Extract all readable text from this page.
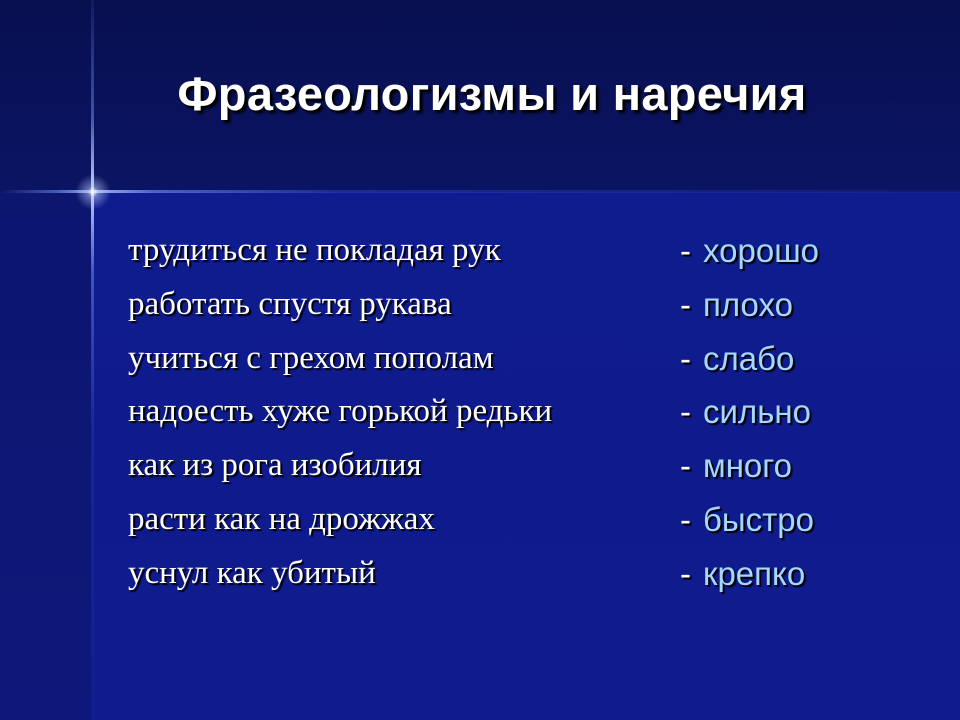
Фразеологизмы и наречия
трудиться не покладая рук	- хорошо
работать спустя рукава	- плохо
учиться с грехом пополам	- слабо
надоесть хуже горькой редьки	- сильно
как из рога изобилия	- много
расти как на дрожжах	- быстро
уснул как убитый	- крепко
